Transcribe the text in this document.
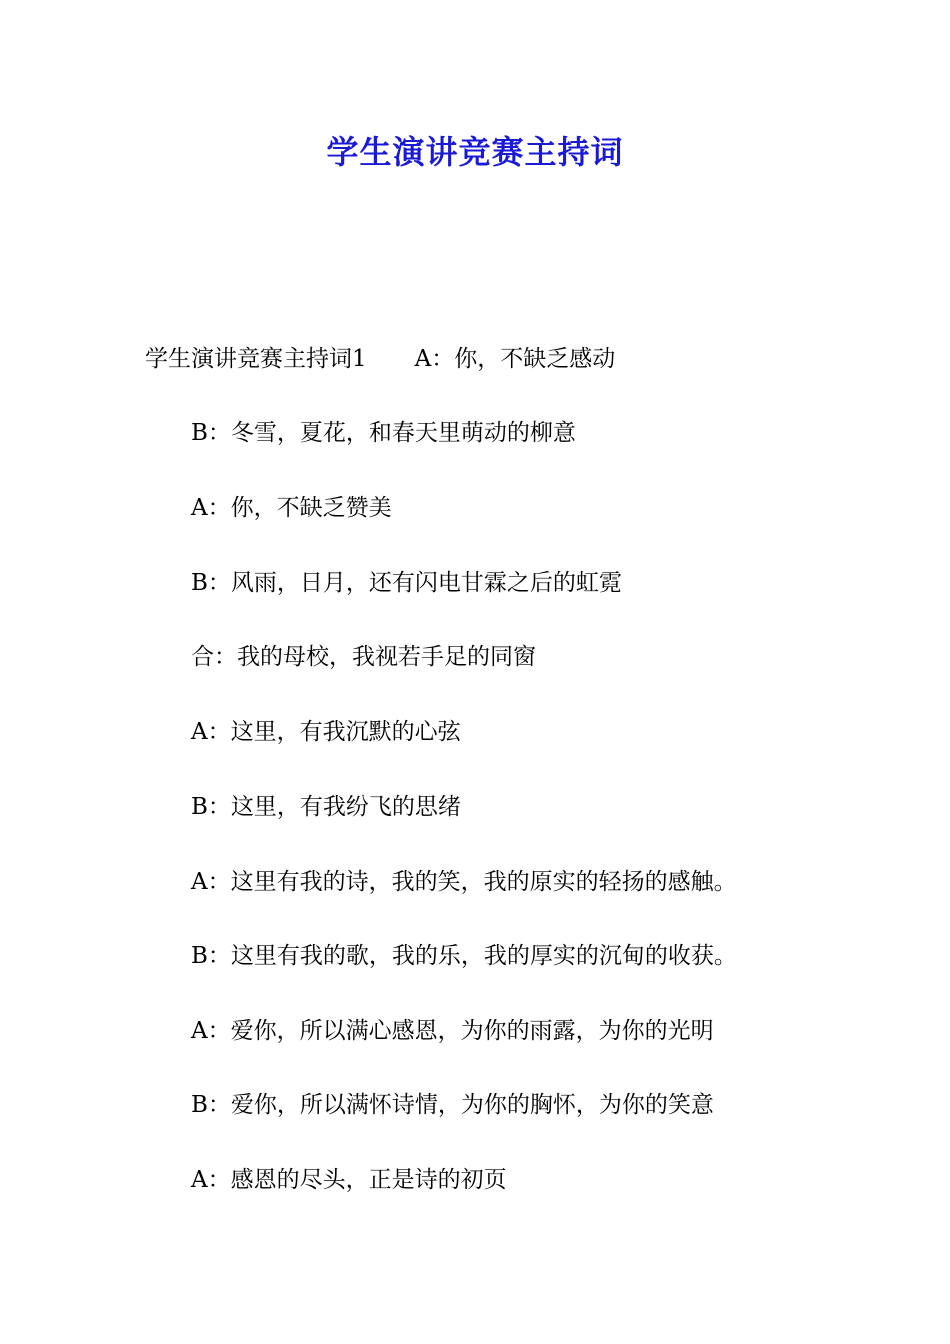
学生演讲竞赛主持词

学生演讲竞赛主持词1 A：你，不缺乏感动

B：冬雪，夏花，和春天里萌动的柳意

A：你，不缺乏赞美

B：风雨，日月，还有闪电甘霖之后的虹霓

合：我的母校，我视若手足的同窗

A：这里，有我沉默的心弦

B：这里，有我纷飞的思绪

A：这里有我的诗，我的笑，我的原实的轻扬的感触。

B：这里有我的歌，我的乐，我的厚实的沉甸的收获。

A：爱你，所以满心感恩，为你的雨露，为你的光明

B：爱你，所以满怀诗情，为你的胸怀，为你的笑意

A：感恩的尽头，正是诗的初页
